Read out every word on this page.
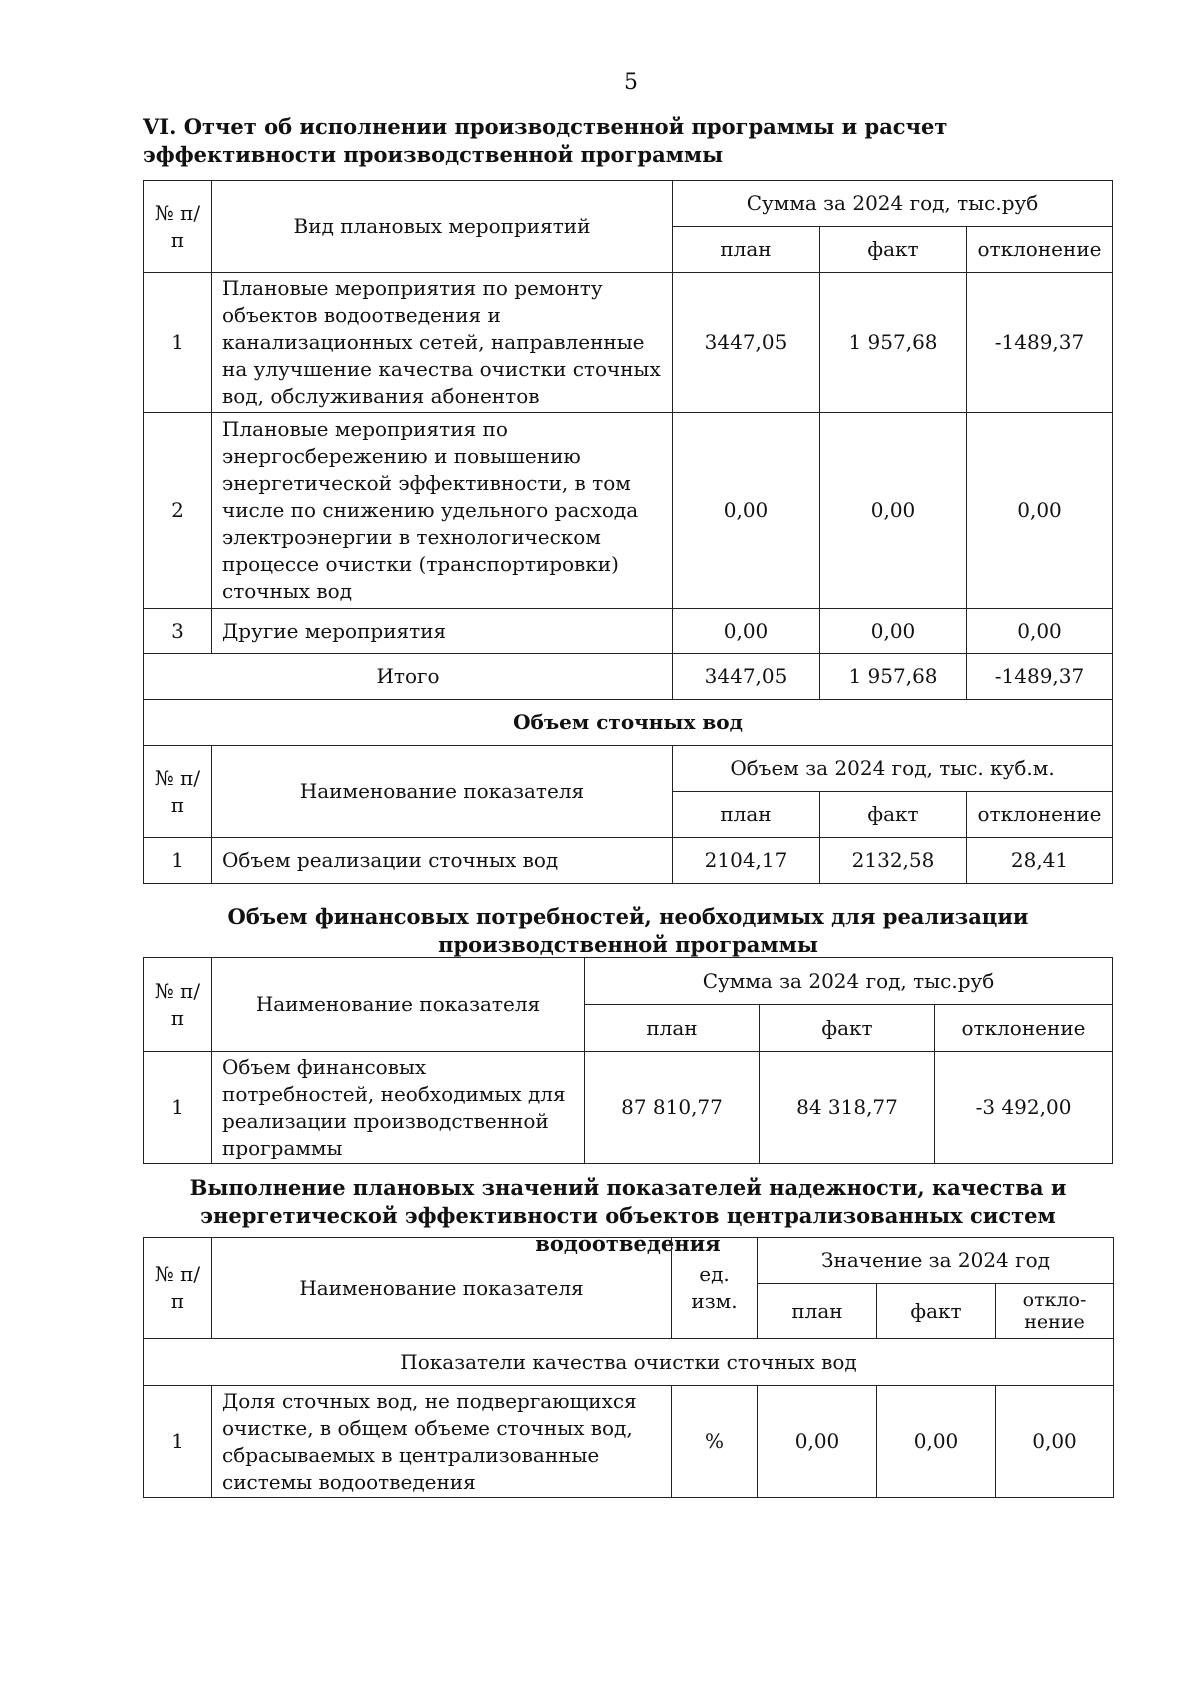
5
VI. Отчет об исполнении производственной программы и расчет эффективности производственной программы
№ п/п	Вид плановых мероприятий	Сумма за 2024 год, тыс.руб		
		план	факт	отклонение
1	Плановые мероприятия по ремонту объектов водоотведения и канализационных сетей, направленные на улучшение качества очистки сточных вод, обслуживания абонентов	3447,05	1 957,68	-1489,37
2	Плановые мероприятия по энергосбережению и повышению энергетической эффективности, в том числе по снижению удельного расхода электроэнергии в технологическом процессе очистки (транспортировки) сточных вод	0,00	0,00	0,00
3	Другие мероприятия	0,00	0,00	0,00
Итого		3447,05	1 957,68	-1489,37
Объем сточных вод				
№ п/п	Наименование показателя	Объем за 2024 год, тыс. куб.м.		
		план	факт	отклонение
1	Объем реализации сточных вод	2104,17	2132,58	28,41
Объем финансовых потребностей, необходимых для реализации производственной программы
№ п/п	Наименование показателя	Сумма за 2024 год, тыс.руб		
		план	факт	отклонение
1	Объем финансовых потребностей, необходимых для реализации производственной программы	87 810,77	84 318,77	-3 492,00
Выполнение плановых значений показателей надежности, качества и энергетической эффективности объектов централизованных систем водоотведения
№ п/п	Наименование показателя	ед. изм.	Значение за 2024 год		
			план	факт	откло-нение
Показатели качества очистки сточных вод					
1	Доля сточных вод, не подвергающихся очистке, в общем объеме сточных вод, сбрасываемых в централизованные системы водоотведения	%	0,00	0,00	0,00
